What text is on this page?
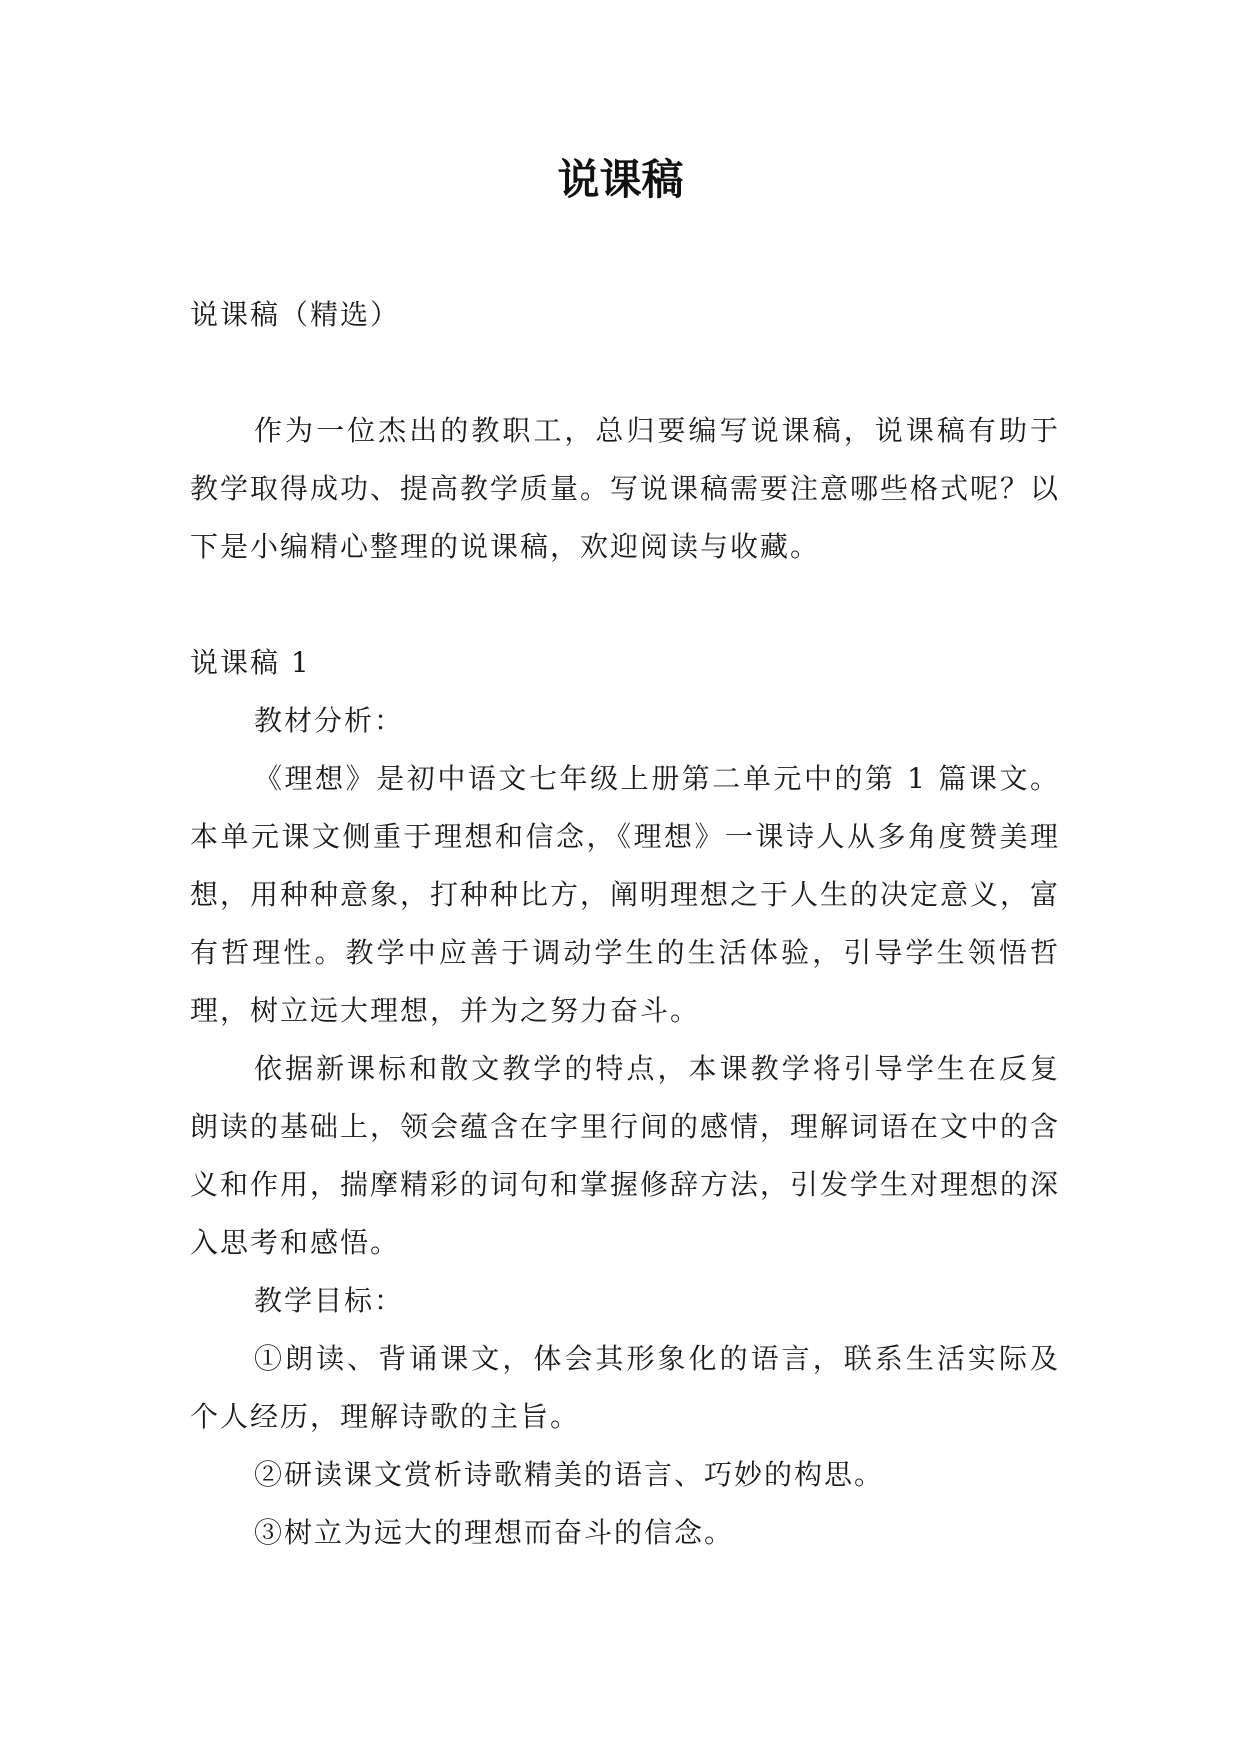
说课稿

说课稿（精选）

作为一位杰出的教职工，总归要编写说课稿，说课稿有助于教学取得成功、提高教学质量。写说课稿需要注意哪些格式呢？以下是小编精心整理的说课稿，欢迎阅读与收藏。

说课稿 1

教材分析：

《理想》是初中语文七年级上册第二单元中的第 1 篇课文。本单元课文侧重于理想和信念，《理想》一课诗人从多角度赞美理想，用种种意象，打种种比方，阐明理想之于人生的决定意义，富有哲理性。教学中应善于调动学生的生活体验，引导学生领悟哲理，树立远大理想，并为之努力奋斗。

依据新课标和散文教学的特点，本课教学将引导学生在反复朗读的基础上，领会蕴含在字里行间的感情，理解词语在文中的含义和作用，揣摩精彩的词句和掌握修辞方法，引发学生对理想的深入思考和感悟。

教学目标：

①朗读、背诵课文，体会其形象化的语言，联系生活实际及个人经历，理解诗歌的主旨。

②研读课文赏析诗歌精美的语言、巧妙的构思。

③树立为远大的理想而奋斗的信念。
